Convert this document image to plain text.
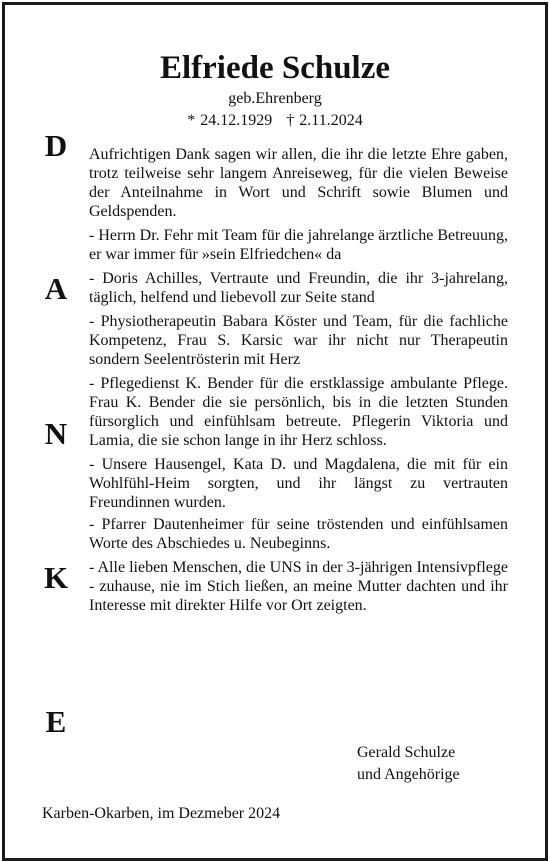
Elfriede Schulze
geb.Ehrenberg
* 24.12.1929 † 2.11.2024
D
A
N
K
E

Aufrichtigen Dank sagen wir allen, die ihr die letzte Ehre gaben, trotz teilweise sehr langem Anreiseweg, für die vielen Beweise der Anteilnahme in Wort und Schrift sowie Blumen und Geldspenden.

- Herrn Dr. Fehr mit Team für die jahrelange ärztliche Betreuung, er war immer für »sein Elfriedchen« da

- Doris Achilles, Vertraute und Freundin, die ihr 3-jahrelang, täglich, helfend und liebevoll zur Seite stand

- Physiotherapeutin Babara Köster und Team, für die fachliche Kompetenz, Frau S. Karsic war ihr nicht nur Therapeutin sondern Seelentrösterin mit Herz

- Pflegedienst K. Bender für die erstklassige ambulante Pflege. Frau K. Bender die sie persönlich, bis in die letzten Stunden fürsorglich und einfühlsam betreute. Pflegerin Viktoria und Lamia, die sie schon lange in ihr Herz schloss.

- Unsere Hausengel, Kata D. und Magdalena, die mit für ein Wohlfühl-Heim sorgten, und ihr längst zu vertrauten Freundinnen wurden.

- Pfarrer Dautenheimer für seine tröstenden und einfühlsamen Worte des Abschiedes u. Neubeginns.

- Alle lieben Menschen, die UNS in der 3-jährigen Intensivpflege - zuhause, nie im Stich ließen, an meine Mutter dachten und ihr Interesse mit direkter Hilfe vor Ort zeigten.

Gerald Schulze
und Angehörige
Karben-Okarben, im Dezmeber 2024
